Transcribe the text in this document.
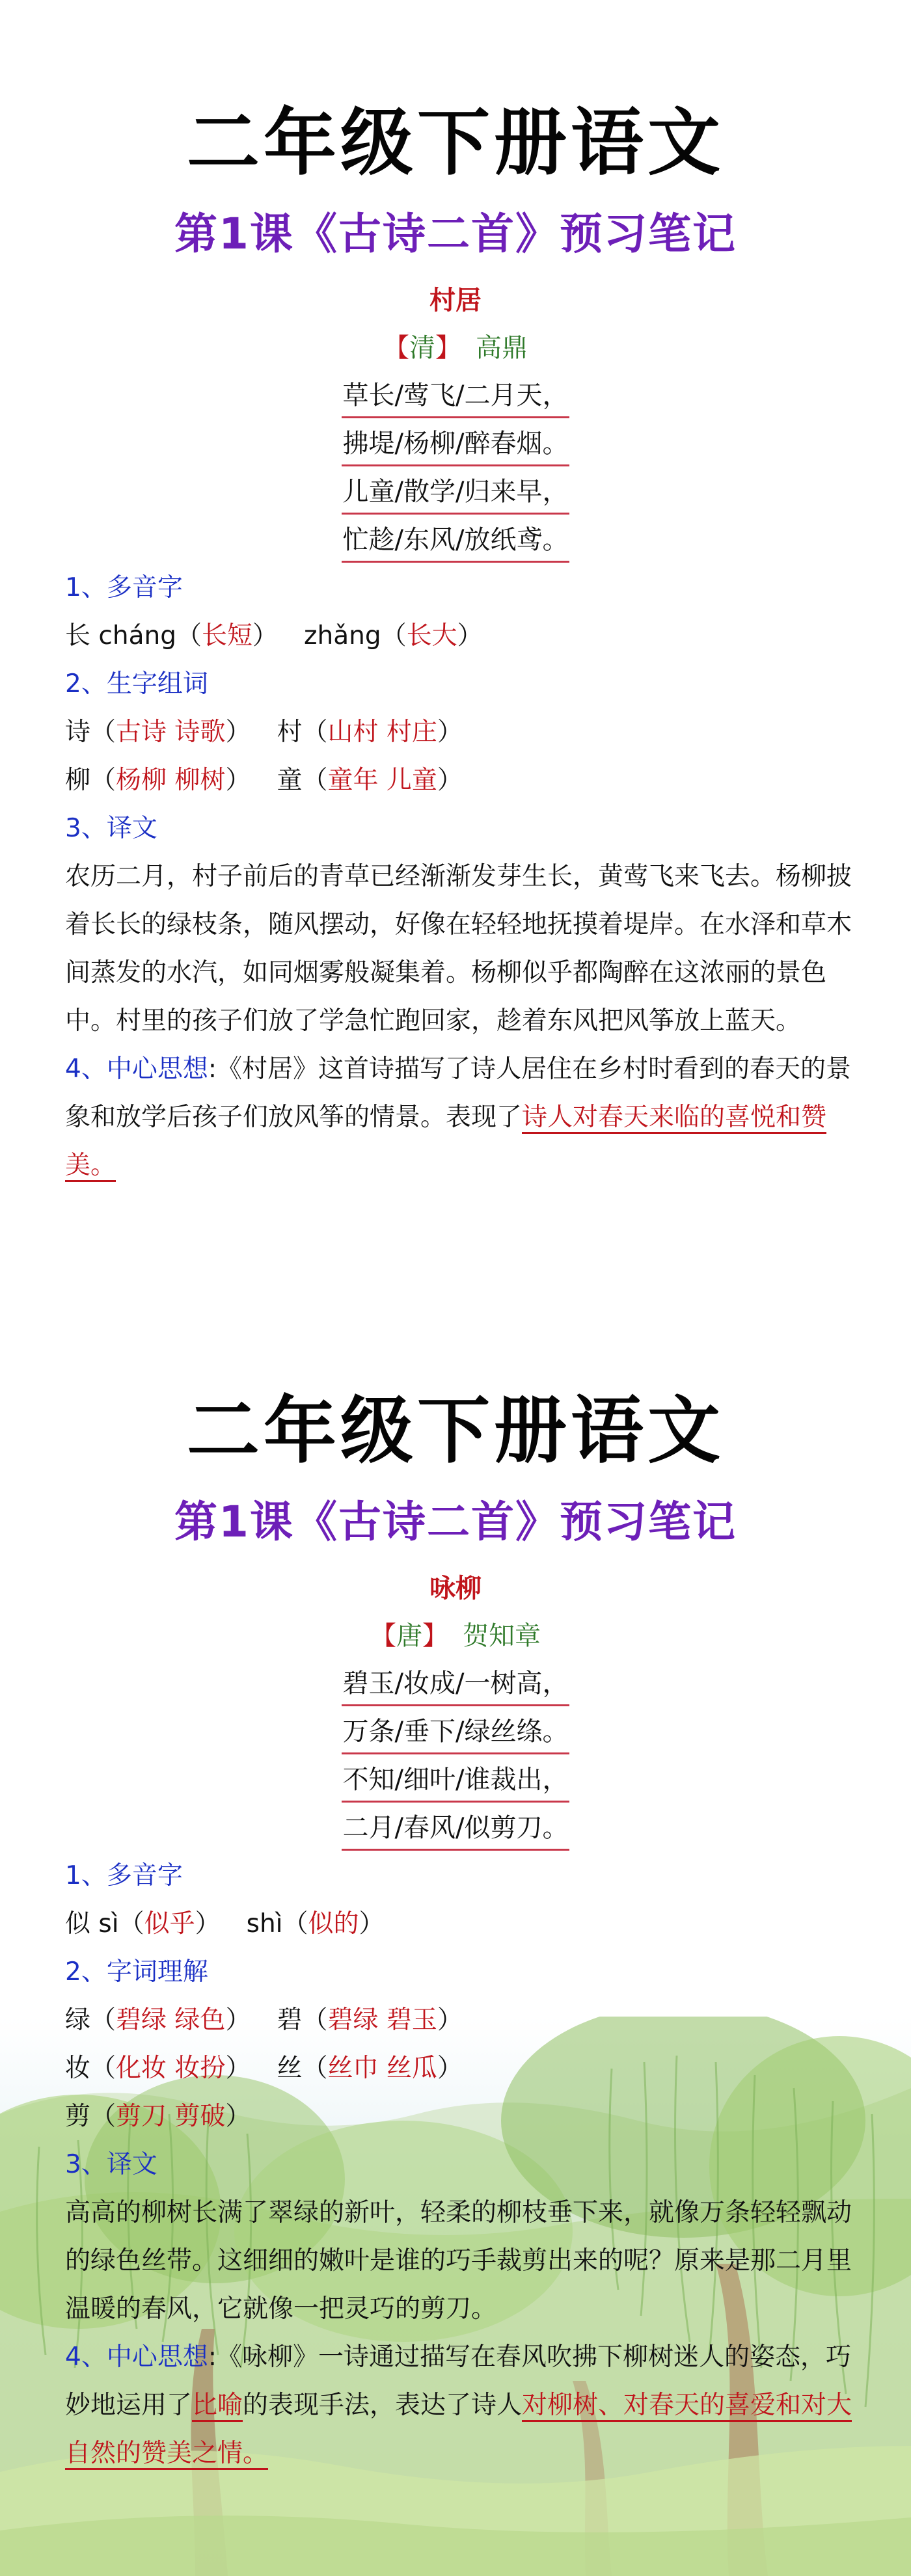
二年级下册语文
第1课《古诗二首》预习笔记
村居
【清】 高鼎
草长/莺飞/二月天，
拂堤/杨柳/醉春烟。
儿童/散学/归来早，
忙趁/东风/放纸鸢。
1、多音字
长 cháng（长短） zhǎng（长大）
2、生字组词
诗（古诗 诗歌） 村（山村 村庄）
柳（杨柳 柳树） 童（童年 儿童）
3、译文
农历二月，村子前后的青草已经渐渐发芽生长，黄莺飞来飞去。杨柳披着长长的绿枝条，随风摆动，好像在轻轻地抚摸着堤岸。在水泽和草木间蒸发的水汽，如同烟雾般凝集着。杨柳似乎都陶醉在这浓丽的景色中。村里的孩子们放了学急忙跑回家，趁着东风把风筝放上蓝天。
4、中心思想:《村居》这首诗描写了诗人居住在乡村时看到的春天的景象和放学后孩子们放风筝的情景。表现了诗人对春天来临的喜悦和赞美。
二年级下册语文
第1课《古诗二首》预习笔记
咏柳
【唐】 贺知章
碧玉/妆成/一树高，
万条/垂下/绿丝绦。
不知/细叶/谁裁出，
二月/春风/似剪刀。
1、多音字
似 sì（似乎） shì（似的）
2、字词理解
绿（碧绿 绿色） 碧（碧绿 碧玉）
妆（化妆 妆扮） 丝（丝巾 丝瓜）
剪（剪刀 剪破）
3、译文
高高的柳树长满了翠绿的新叶，轻柔的柳枝垂下来，就像万条轻轻飘动的绿色丝带。这细细的嫩叶是谁的巧手裁剪出来的呢？原来是那二月里温暖的春风，它就像一把灵巧的剪刀。
4、中心思想:《咏柳》一诗通过描写在春风吹拂下柳树迷人的姿态，巧妙地运用了比喻的表现手法，表达了诗人对柳树、对春天的喜爱和对大自然的赞美之情。
